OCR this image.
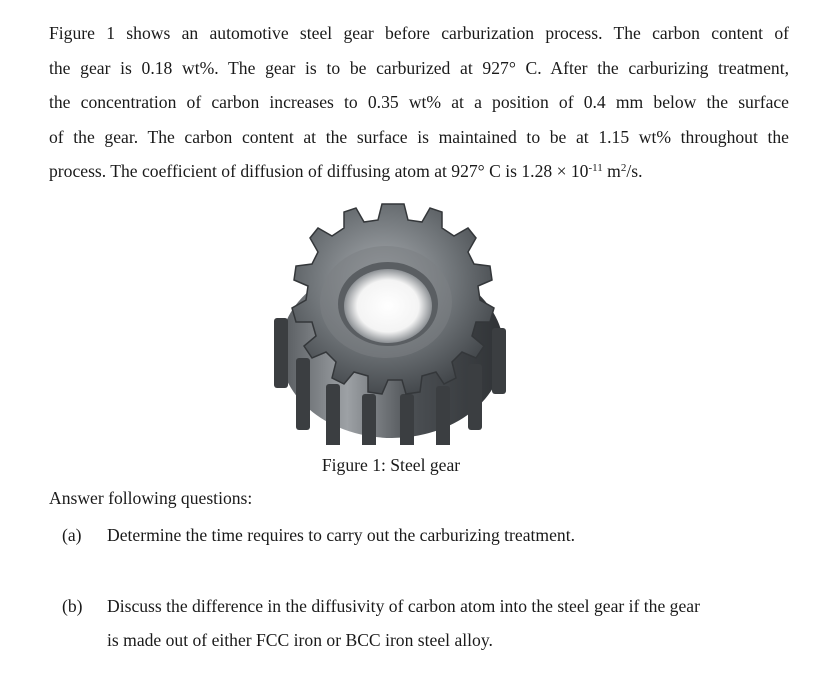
Figure 1 shows an automotive steel gear before carburization process. The carbon content of
the gear is 0.18 wt%. The gear is to be carburized at 927° C. After the carburizing treatment,
the concentration of carbon increases to 0.35 wt% at a position of 0.4 mm below the surface
of the gear. The carbon content at the surface is maintained to be at 1.15 wt% throughout the
process. The coefficient of diffusion of diffusing atom at 927° C is $1.28 \times 10^{-11}$ $m^2/s$.

Figure 1: Steel gear
Answer following questions:
(a) Determine the time requires to carry out the carburizing treatment.
(b) Discuss the difference in the diffusivity of carbon atom into the steel gear if the gear
is made out of either FCC iron or BCC iron steel alloy.
